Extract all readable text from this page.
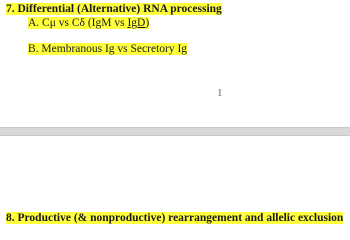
7. Differential (Alternative) RNA processing
A. Cμ vs Cδ (IgM vs IgD)
B. Membranous Ig vs Secretory Ig
1
8. Productive (& nonproductive) rearrangement and allelic exclusion
